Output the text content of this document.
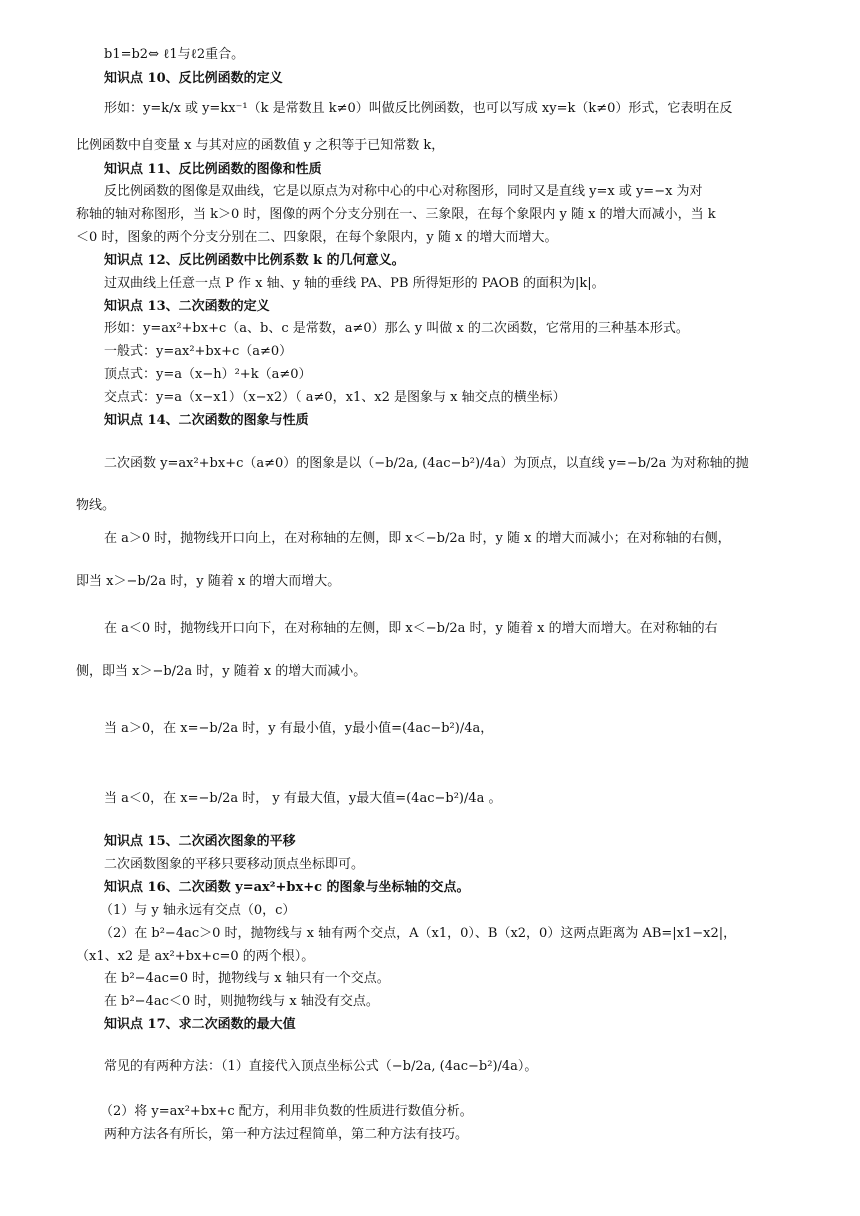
b1=b2⇔ ℓ1与ℓ2重合。
知识点 10、反比例函数的定义
形如：y=k/x 或 y=kx⁻¹（k 是常数且 k≠0）叫做反比例函数，也可以写成 xy=k（k≠0）形式，它表明在反
比例函数中自变量 x 与其对应的函数值 y 之积等于已知常数 k，
知识点 11、反比例函数的图像和性质
反比例函数的图像是双曲线，它是以原点为对称中心的中心对称图形，同时又是直线 y=x 或 y=−x 为对
称轴的轴对称图形，当 k＞0 时，图像的两个分支分别在一、三象限，在每个象限内 y 随 x 的增大而减小，当 k
＜0 时，图象的两个分支分别在二、四象限，在每个象限内，y 随 x 的增大而增大。
知识点 12、反比例函数中比例系数 k 的几何意义。
过双曲线上任意一点 P 作 x 轴、y 轴的垂线 PA、PB 所得矩形的 PAOB 的面积为|k|。
知识点 13、二次函数的定义
形如：y=ax²+bx+c（a、b、c 是常数，a≠0）那么 y 叫做 x 的二次函数，它常用的三种基本形式。
一般式：y=ax²+bx+c（a≠0）
顶点式：y=a（x−h）²+k（a≠0）
交点式：y=a（x−x1）（x−x2）（ a≠0，x1、x2 是图象与 x 轴交点的横坐标）
知识点 14、二次函数的图象与性质
二次函数 y=ax²+bx+c（a≠0）的图象是以（−b/2a, (4ac−b²)/4a）为顶点，以直线 y=−b/2a 为对称轴的抛
物线。
在 a＞0 时，抛物线开口向上，在对称轴的左侧，即 x＜−b/2a 时，y 随 x 的增大而减小；在对称轴的右侧，
即当 x＞−b/2a 时，y 随着 x 的增大而增大。
在 a＜0 时，抛物线开口向下，在对称轴的左侧，即 x＜−b/2a 时，y 随着 x 的增大而增大。在对称轴的右
侧，即当 x＞−b/2a 时，y 随着 x 的增大而减小。
当 a＞0，在 x=−b/2a 时，y 有最小值，y最小值=(4ac−b²)/4a，
当 a＜0，在 x=−b/2a 时， y 有最大值，y最大值=(4ac−b²)/4a 。
知识点 15、二次函次图象的平移
二次函数图象的平移只要移动顶点坐标即可。
知识点 16、二次函数 y=ax²+bx+c 的图象与坐标轴的交点。
（1）与 y 轴永远有交点（0，c）
（2）在 b²−4ac＞0 时，抛物线与 x 轴有两个交点，A（x1，0）、B（x2，0）这两点距离为 AB=|x1−x2|，
（x1、x2 是 ax²+bx+c=0 的两个根）。
在 b²−4ac=0 时，抛物线与 x 轴只有一个交点。
在 b²−4ac＜0 时，则抛物线与 x 轴没有交点。
知识点 17、求二次函数的最大值
常见的有两种方法：（1）直接代入顶点坐标公式（−b/2a, (4ac−b²)/4a）。
（2）将 y=ax²+bx+c 配方，利用非负数的性质进行数值分析。
两种方法各有所长，第一种方法过程简单，第二种方法有技巧。
